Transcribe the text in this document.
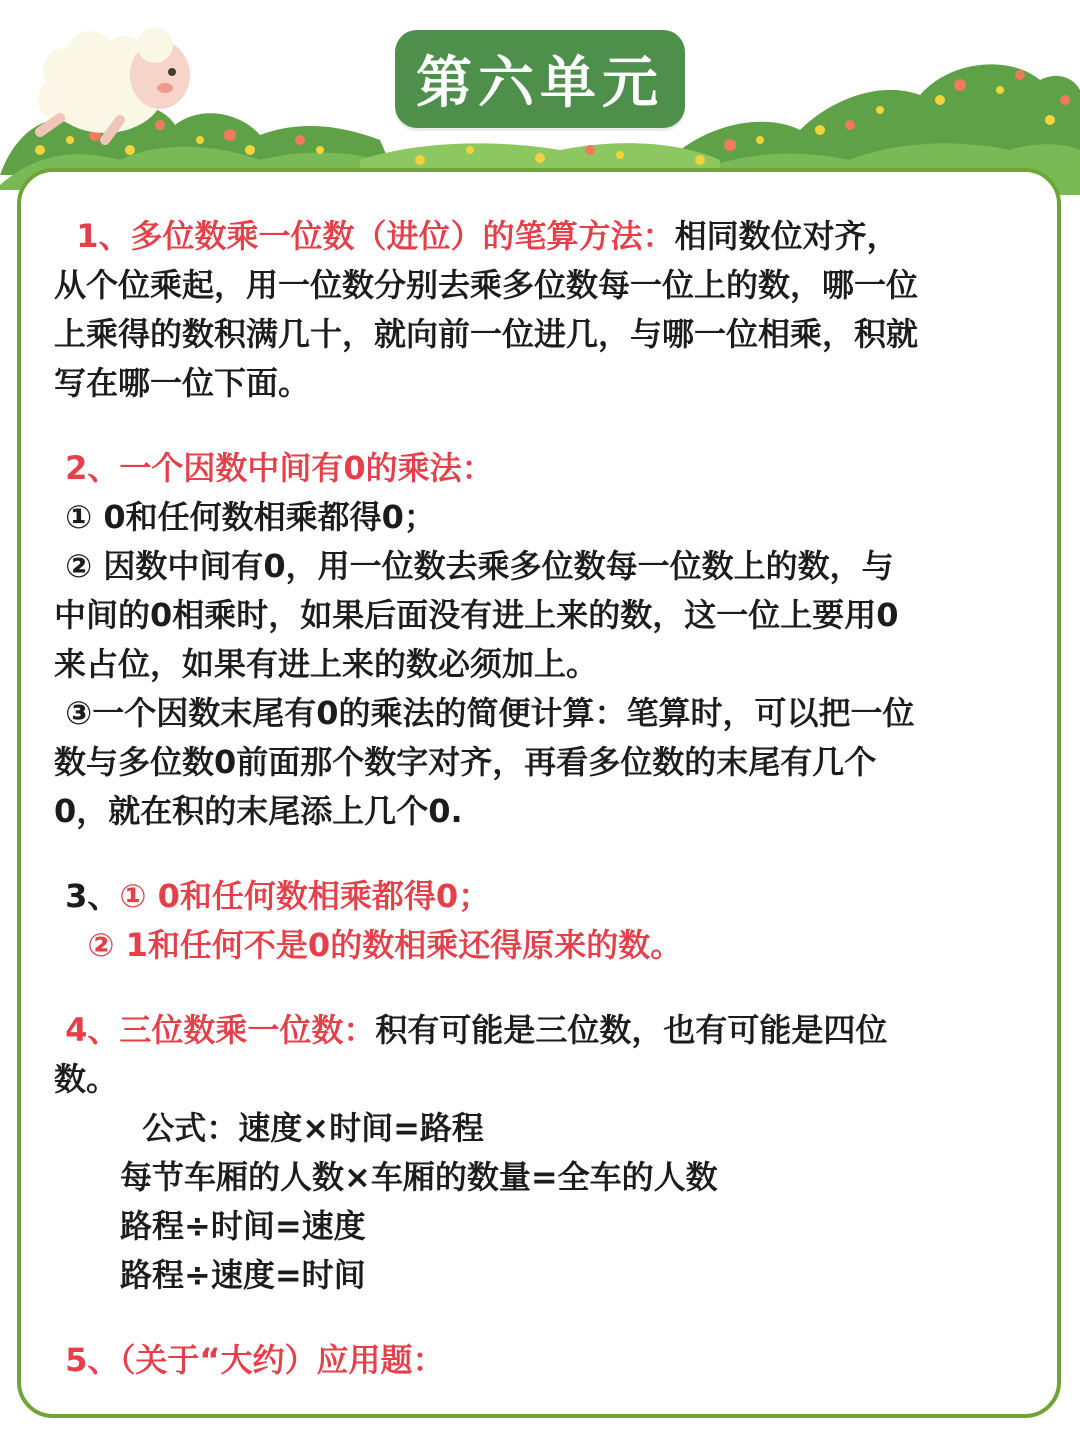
第六单元
1、多位数乘一位数（进位）的笔算方法：相同数位对齐，
从个位乘起，用一位数分别去乘多位数每一位上的数，哪一位
上乘得的数积满几十，就向前一位进几，与哪一位相乘，积就
写在哪一位下面。
2、一个因数中间有0的乘法：
① 0和任何数相乘都得0；
② 因数中间有0，用一位数去乘多位数每一位数上的数，与
中间的0相乘时，如果后面没有进上来的数，这一位上要用0
来占位，如果有进上来的数必须加上。
③一个因数末尾有0的乘法的简便计算：笔算时，可以把一位
数与多位数0前面那个数字对齐，再看多位数的末尾有几个
0，就在积的末尾添上几个0.
3、① 0和任何数相乘都得0；
② 1和任何不是0的数相乘还得原来的数。
4、三位数乘一位数：积有可能是三位数，也有可能是四位
数。
公式：速度×时间=路程
每节车厢的人数×车厢的数量=全车的人数
路程÷时间=速度
路程÷速度=时间
5、（关于“大约）应用题：
